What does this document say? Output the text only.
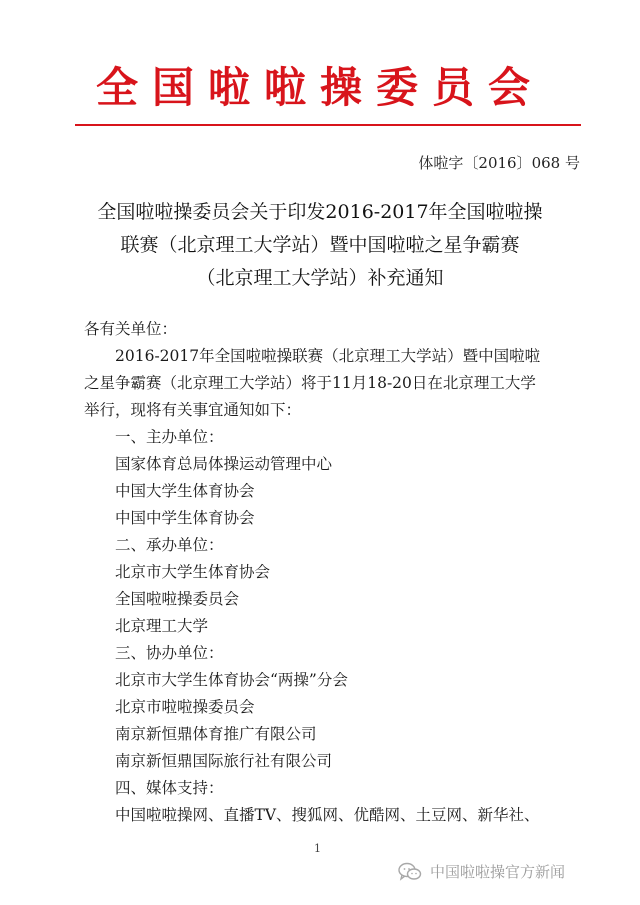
全国啦啦操委员会
体啦字〔2016〕068 号
全国啦啦操委员会关于印发2016-2017年全国啦啦操
联赛（北京理工大学站）暨中国啦啦之星争霸赛
（北京理工大学站）补充通知
各有关单位：
2016-2017年全国啦啦操联赛（北京理工大学站）暨中国啦啦
之星争霸赛（北京理工大学站）将于11月18-20日在北京理工大学
举行，现将有关事宜通知如下：
一、主办单位：
国家体育总局体操运动管理中心
中国大学生体育协会
中国中学生体育协会
二、承办单位：
北京市大学生体育协会
全国啦啦操委员会
北京理工大学
三、协办单位：
北京市大学生体育协会“两操”分会
北京市啦啦操委员会
南京新恒鼎体育推广有限公司
南京新恒鼎国际旅行社有限公司
四、媒体支持：
中国啦啦操网、直播TV、搜狐网、优酷网、土豆网、新华社、
1
中国啦啦操官方新闻
